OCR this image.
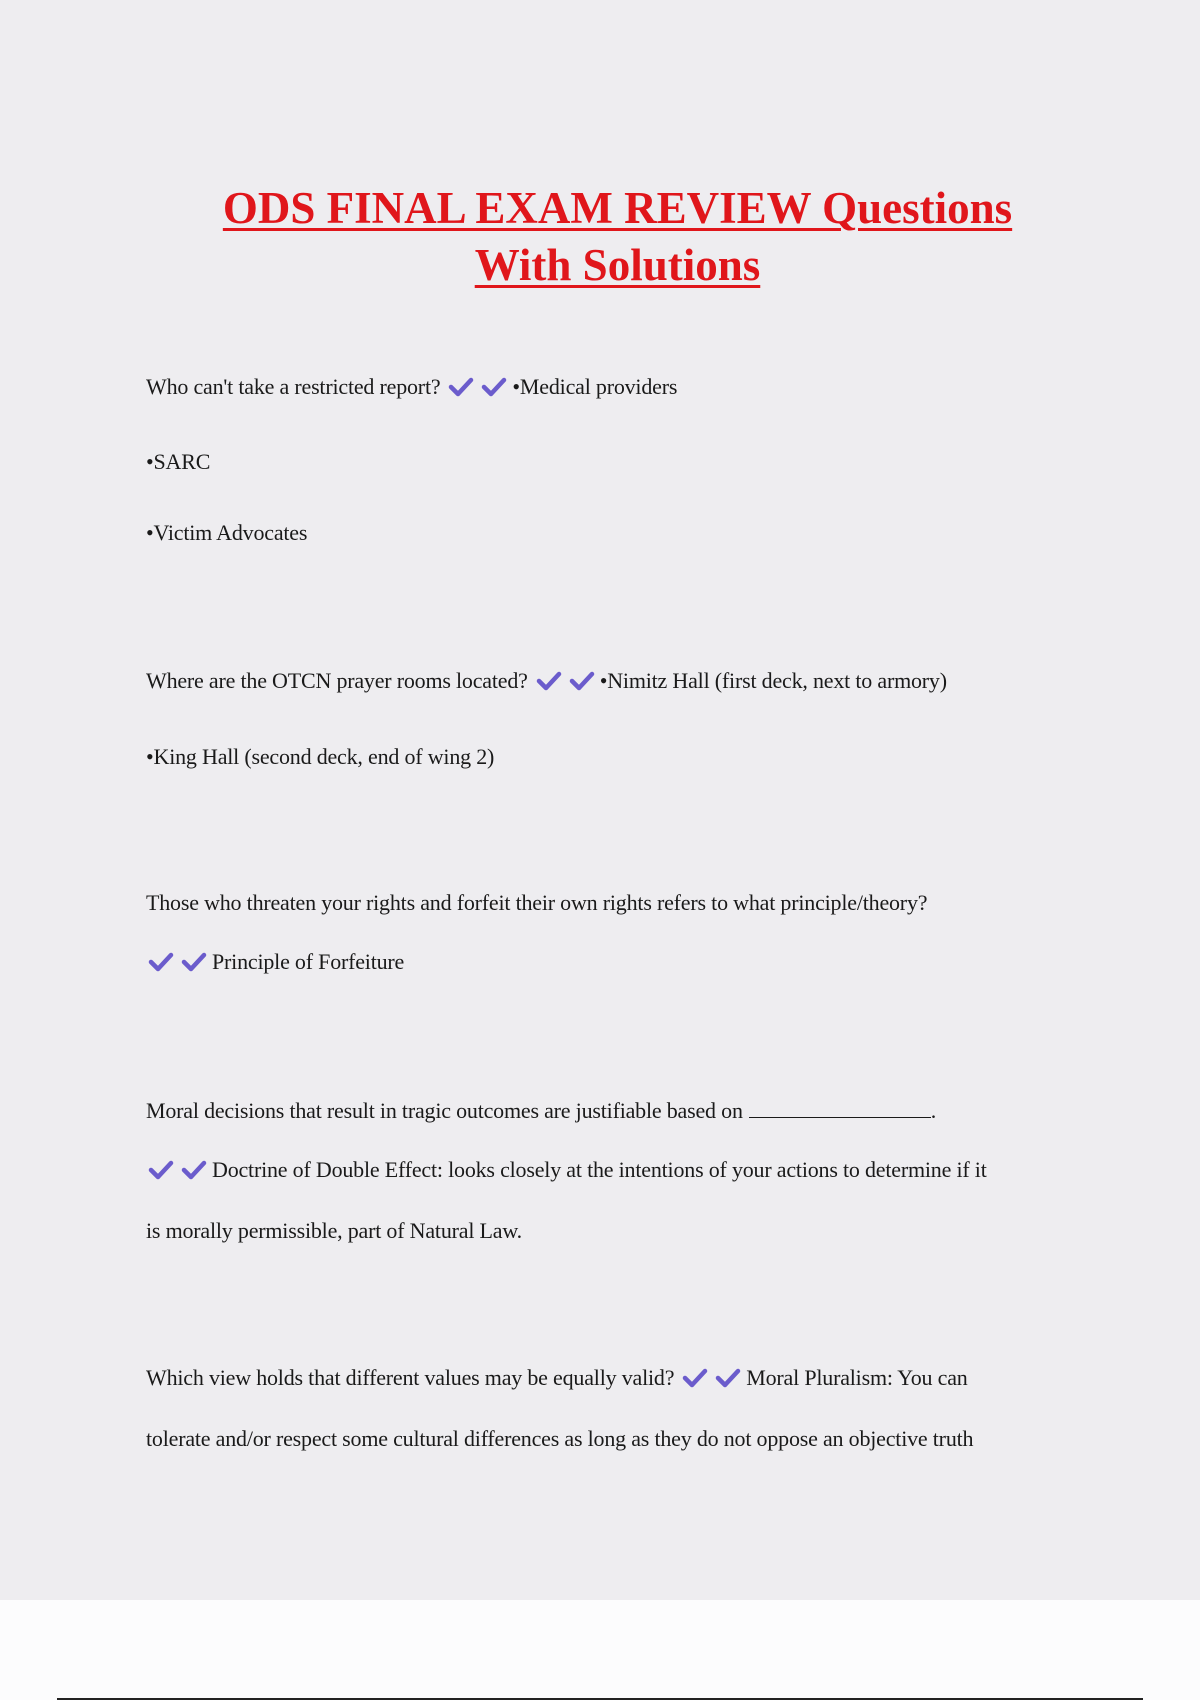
ODS FINAL EXAM REVIEW Questions
With Solutions
Who can't take a restricted report?	•Medical providers
•SARC
•Victim Advocates
Where are the OTCN prayer rooms located?	•Nimitz Hall (first deck, next to armory)
•King Hall (second deck, end of wing 2)
Those who threaten your rights and forfeit their own rights refers to what principle/theory?
Principle of Forfeiture
Moral decisions that result in tragic outcomes are justifiable based on	.
Doctrine of Double Effect: looks closely at the intentions of your actions to determine if it
is morally permissible, part of Natural Law.
Which view holds that different values may be equally valid?	Moral Pluralism: You can
tolerate and/or respect some cultural differences as long as they do not oppose an objective truth
